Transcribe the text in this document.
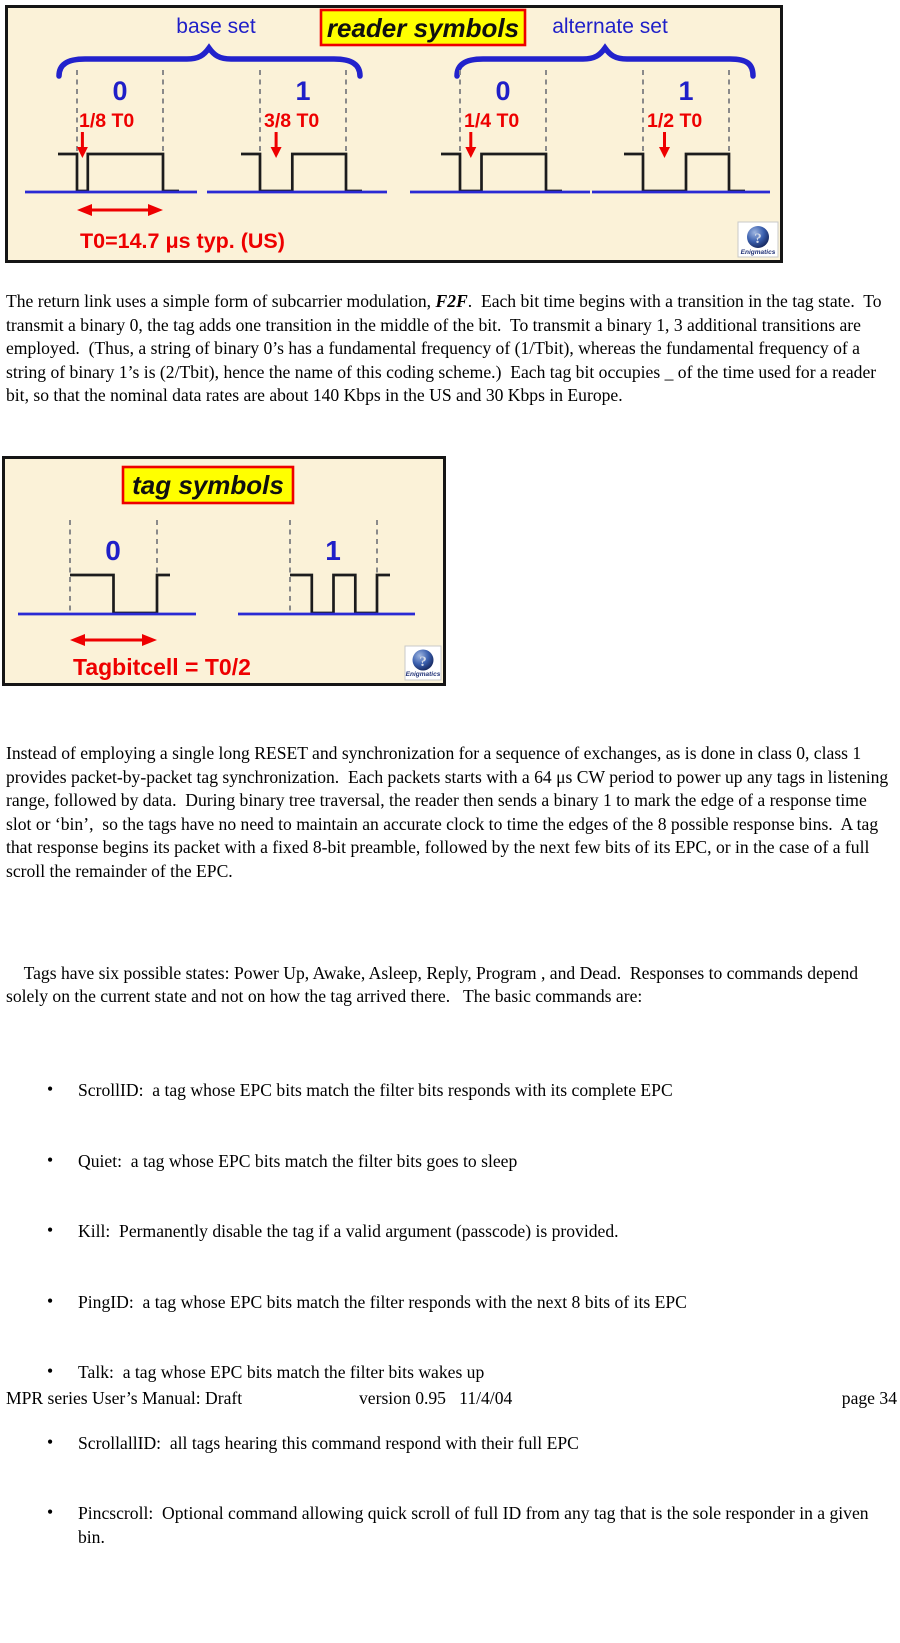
base set	reader symbols alternate set
0
1/8 T0
1
3/8 T0
0
1/4 T0
1
1/2 T0
T0=14.7 μs typ. (US)	?
Enigmatics
The return link uses a simple form of subcarrier modulation, F2F.  Each bit time begins with a transition in the tag state.  To transmit a binary 0, the tag adds one transition in the middle of the bit.  To transmit a binary 1, 3 additional transitions are employed.  (Thus, a string of binary 0’s has a fundamental frequency of (1/Tbit), whereas the fundamental frequency of a string of binary 1’s is (2/Tbit), hence the name of this coding scheme.)  Each tag bit occupies _ of the time used for a reader bit, so that the nominal data rates are about 140 Kbps in the US and 30 Kbps in Europe.
tag symbols
0	1
Tagbitcell = T0/2	?
Enigmatics
Instead of employing a single long RESET and synchronization for a sequence of exchanges, as is done in class 0, class 1 provides packet-by-packet tag synchronization.  Each packets starts with a 64 μs CW period to power up any tags in listening range, followed by data.  During binary tree traversal, the reader then sends a binary 1 to mark the edge of a response time slot or ‘bin’,  so the tags have no need to maintain an accurate clock to time the edges of the 8 possible response bins.  A tag that response begins its packet with a fixed 8-bit preamble, followed by the next few bits of its EPC, or in the case of a full scroll the remainder of the EPC.

Tags have six possible states: Power Up, Awake, Asleep, Reply, Program , and Dead.  Responses to commands depend solely on the current state and not on how the tag arrived there.   The basic commands are:

• ScrollID:  a tag whose EPC bits match the filter bits responds with its complete EPC

• Quiet:  a tag whose EPC bits match the filter bits goes to sleep

• Kill:  Permanently disable the tag if a valid argument (passcode) is provided.

• PingID:  a tag whose EPC bits match the filter responds with the next 8 bits of its EPC

• Talk:  a tag whose EPC bits match the filter bits wakes up

• ScrollallID:  all tags hearing this command respond with their full EPC

• Pincscroll:  Optional command allowing quick scroll of full ID from any tag that is the sole responder in a given bin.

MPR series User’s Manual: Draft	version 0.95   11/4/04	page 34
